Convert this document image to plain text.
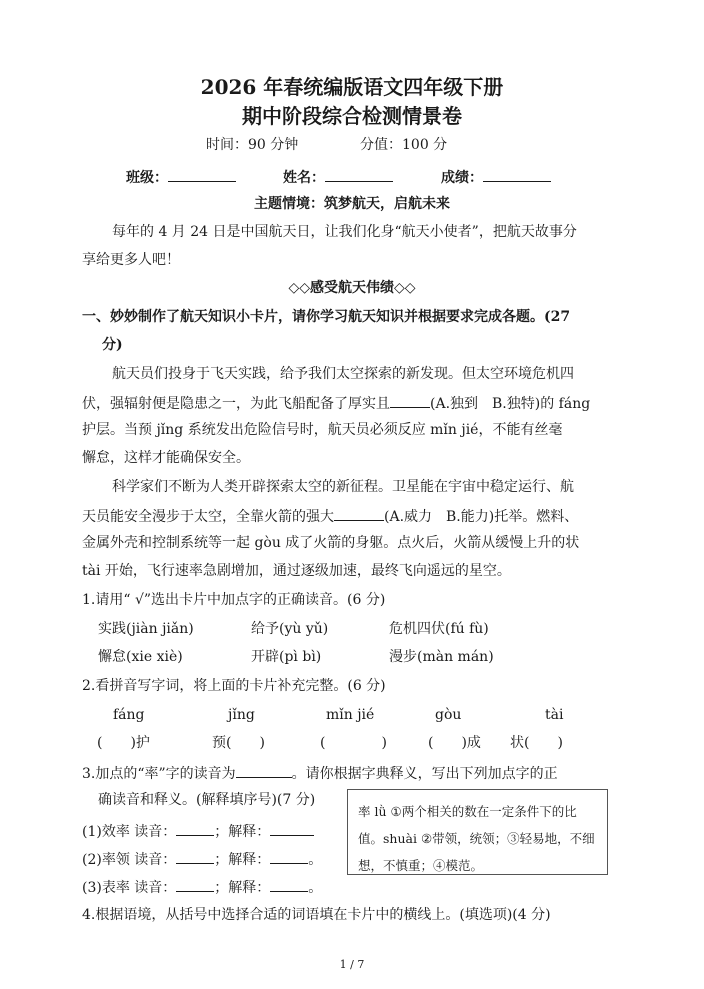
2026 年春统编版语文四年级下册
期中阶段综合检测情景卷
时间：90 分钟	分值：100 分
班级：	姓名：	成绩：
主题情境：筑梦航天，启航未来
每年的 4 月 24 日是中国航天日，让我们化身“航天小使者”，把航天故事分
享给更多人吧！
◇◇感受航天伟绩◇◇
一、妙妙制作了航天知识小卡片，请你学习航天知识并根据要求完成各题。(27
分)
航天员们投身于飞天实践，给予我们太空探索的新发现。但太空环境危机四
伏，强辐射便是隐患之一，为此飞船配备了厚实且	(A.独到　B.独特)的 fáng
护层。当预 jǐng 系统发出危险信号时，航天员必须反应 mǐn jié，不能有丝毫
懈怠，这样才能确保安全。
科学家们不断为人类开辟探索太空的新征程。卫星能在宇宙中稳定运行、航
天员能安全漫步于太空，全靠火箭的强大	(A.威力　B.能力)托举。燃料、
金属外壳和控制系统等一起 gòu 成了火箭的身躯。点火后，火箭从缓慢上升的状
tài 开始，飞行速率急剧增加，通过逐级加速，最终飞向遥远的星空。
1.请用“ √”选出卡片中加点字的正确读音。(6 分)
实践(jiàn jiǎn)	给予(yù yǔ)	危机四伏(fú fù)
懈怠(xie xiè)	开辟(pì bì)	漫步(màn mán)
2.看拼音写字词，将上面的卡片补充完整。(6 分)
fáng	jǐng	mǐn jié	gòu	tài
(　　)护	预(　　)	(　　　　)	(　　)成 状(　　)
3.加点的“率”字的读音为	。请你根据字典释义，写出下列加点字的正
确读音和释义。(解释填序号)(7 分)
(1)效率 读音：	；解释：
(2)率领 读音：	；解释：	。
(3)表率 读音：	；解释：	。
率 lǜ ①两个相关的数在一定条件下的比值。shuài ②带领，统领；③轻易地，不细想，不慎重；④模范。
4.根据语境，从括号中选择合适的词语填在卡片中的横线上。(填选项)(4 分)
1 / 7
